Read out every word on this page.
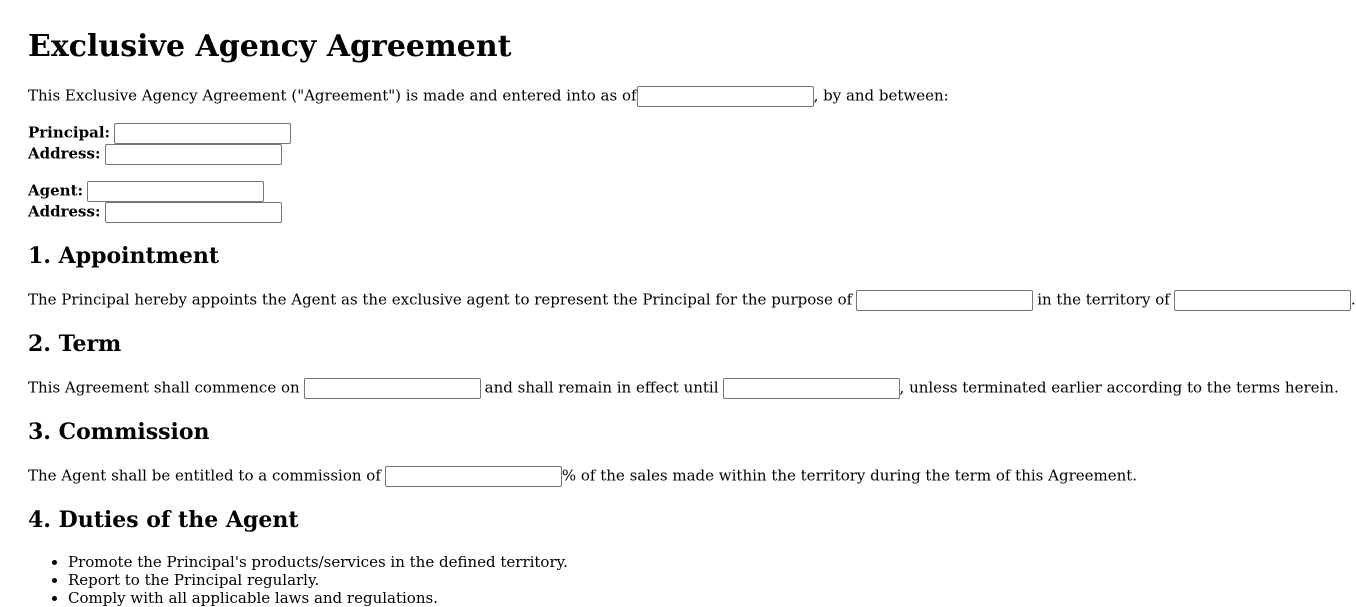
Exclusive Agency Agreement
This Exclusive Agency Agreement ("Agreement") is made and entered into as of	, by and between:
Principal:
Address:
Agent:
Address:
1. Appointment
The Principal hereby appoints the Agent as the exclusive agent to represent the Principal for the purpose of	in the territory of	.
2. Term
This Agreement shall commence on	and shall remain in effect until	, unless terminated earlier according to the terms herein.
3. Commission
The Agent shall be entitled to a commission of	% of the sales made within the territory during the term of this Agreement.
4. Duties of the Agent
• Promote the Principal's products/services in the defined territory.
• Report to the Principal regularly.
• Comply with all applicable laws and regulations.
